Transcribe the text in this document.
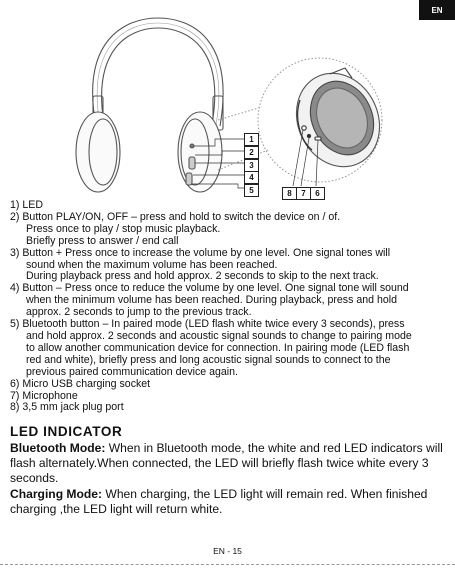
EN
1
2
3
4
5	8	7	6
1) LED
2) Button PLAY/ON, OFF – press and hold to switch the device on / of.
Press once to play / stop music playback.
Briefly press to answer / end call
3) Button + Press once to increase the volume by one level. One signal tones will
sound when the maximum volume has been reached.
During playback press and hold approx. 2 seconds to skip to the next track.
4) Button – Press once to reduce the volume by one level. One signal tone will sound
when the minimum volume has been reached. During playback, press and hold
approx. 2 seconds to jump to the previous track.
5) Bluetooth button – In paired mode (LED flash white twice every 3 seconds), press
and hold approx. 2 seconds and acoustic signal sounds to change to pairing mode
to allow another communication device for connection. In pairing mode (LED flash
red and white), briefly press and long acoustic signal sounds to connect to the
previous paired communication device again.
6) Micro USB charging socket
7) Microphone
8) 3,5 mm jack plug port
LED INDICATOR
Bluetooth Mode: When in Bluetooth mode, the white and red LED indicators will flash alternately.When connected, the LED will briefly flash twice white every 3 seconds.
Charging Mode: When charging, the LED light will remain red. When finished charging ,the LED light will return white.
EN - 15
